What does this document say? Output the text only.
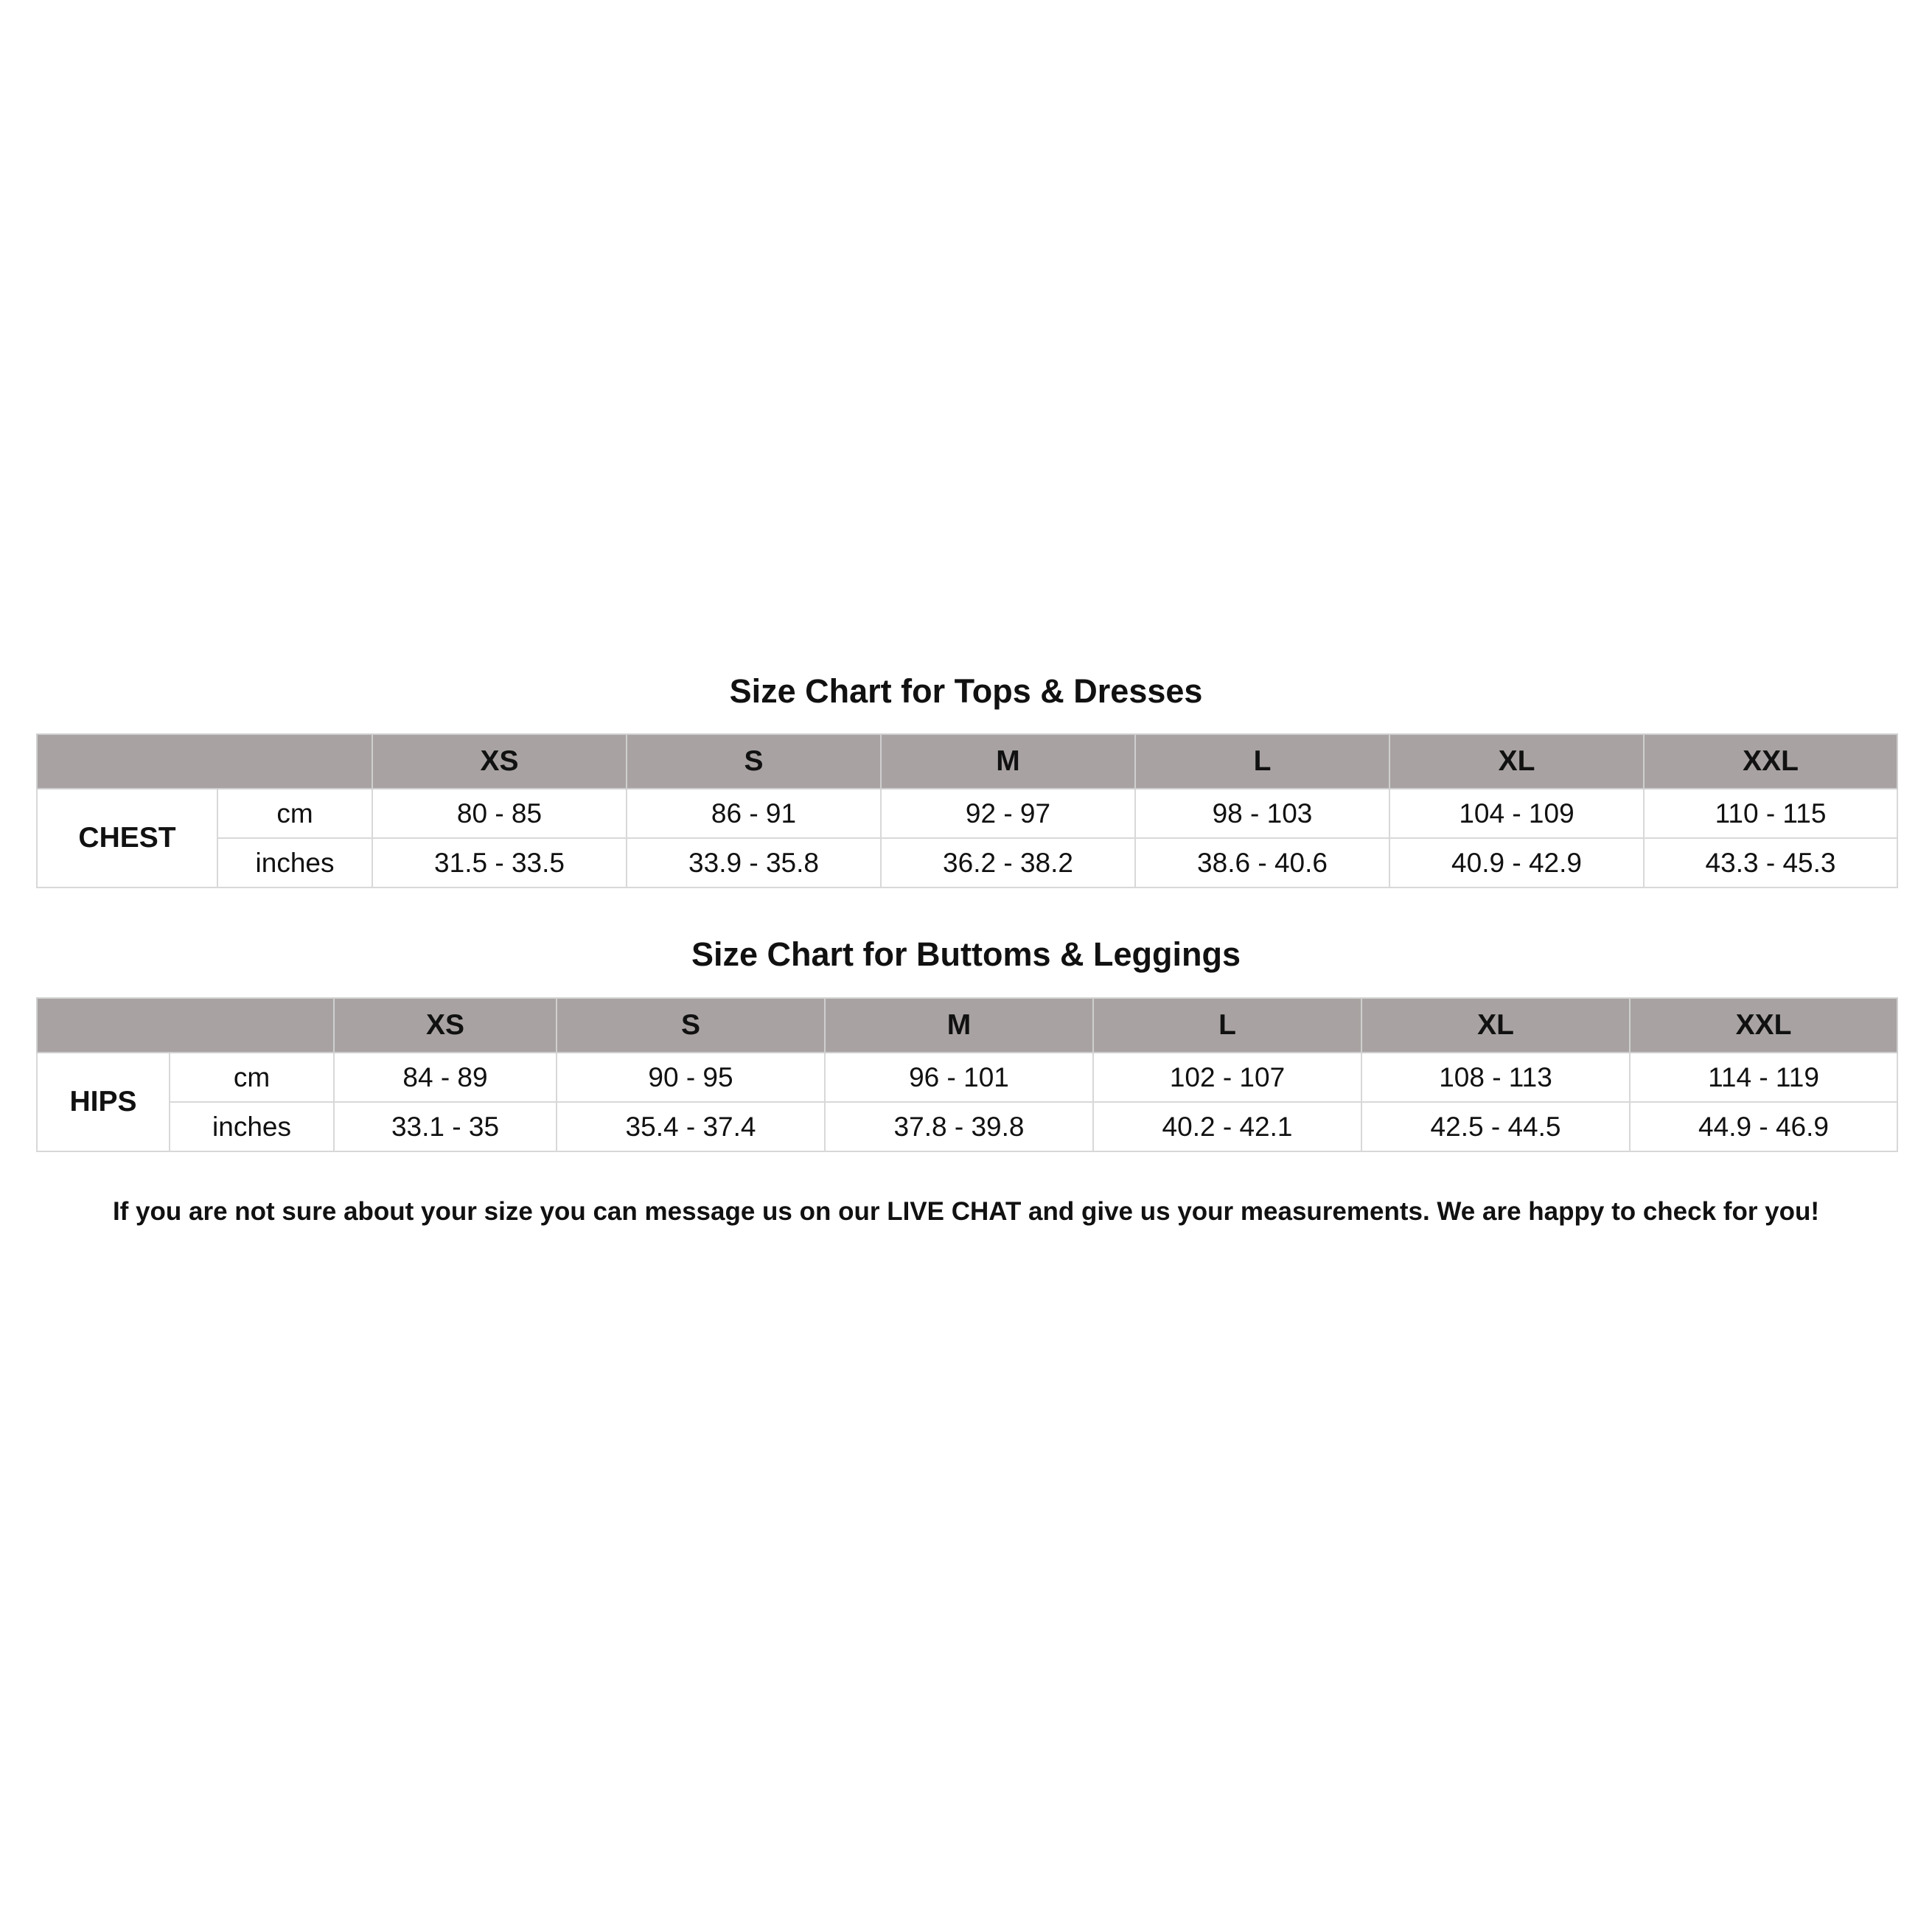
Size Chart for Tops & Dresses
		XS	S	M	L	XL	XXL
CHEST	cm	80 - 85	86 - 91	92 - 97	98 - 103	104 - 109	110 - 115
	inches	31.5 - 33.5	33.9 - 35.8	36.2 - 38.2	38.6 - 40.6	40.9 - 42.9	43.3 - 45.3
Size Chart for Buttoms & Leggings
		XS	S	M	L	XL	XXL
HIPS	cm	84 - 89	90 - 95	96 - 101	102 - 107	108 - 113	114 - 119
	inches	33.1 - 35	35.4 - 37.4	37.8 - 39.8	40.2 - 42.1	42.5 - 44.5	44.9 - 46.9

If you are not sure about your size you can message us on our LIVE CHAT and give us your measurements. We are happy to check for you!
